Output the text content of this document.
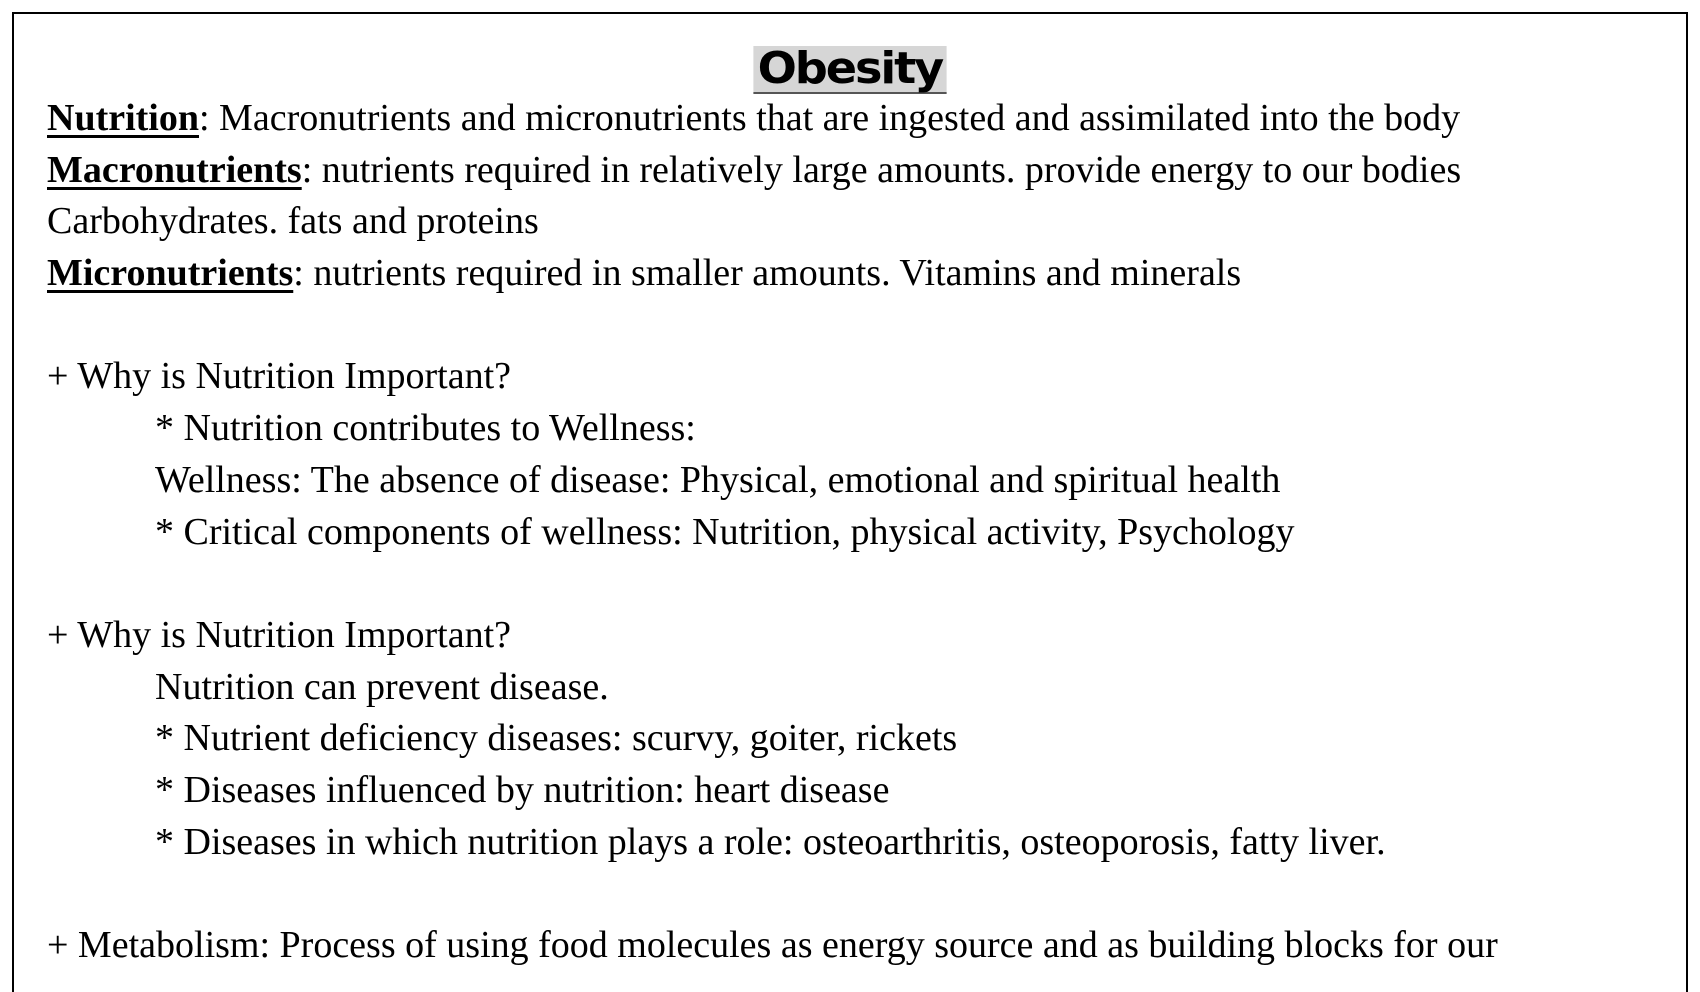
Obesity
Nutrition: Macronutrients and micronutrients that are ingested and assimilated into the body
Macronutrients: nutrients required in relatively large amounts. provide energy to our bodies
Carbohydrates. fats and proteins
Micronutrients: nutrients required in smaller amounts. Vitamins and minerals
+ Why is Nutrition Important?
* Nutrition contributes to Wellness:
Wellness: The absence of disease: Physical, emotional and spiritual health
* Critical components of wellness: Nutrition, physical activity, Psychology
+ Why is Nutrition Important?
Nutrition can prevent disease.
* Nutrient deficiency diseases: scurvy, goiter, rickets
* Diseases influenced by nutrition: heart disease
* Diseases in which nutrition plays a role: osteoarthritis, osteoporosis, fatty liver.
+ Metabolism: Process of using food molecules as energy source and as building blocks for our
